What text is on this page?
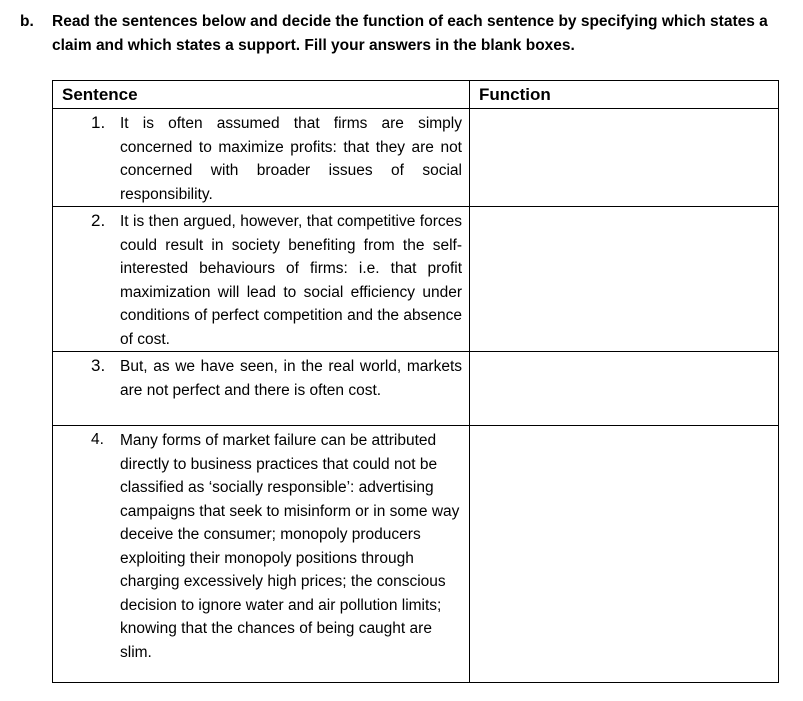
b. Read the sentences below and decide the function of each sentence by specifying which states a claim and which states a support. Fill your answers in the blank boxes.
Sentence	Function

1. It is often assumed that firms are simply concerned to maximize profits: that they are not concerned with broader issues of social responsibility.	

2. It is then argued, however, that competitive forces could result in society benefiting from the self-interested behaviours of firms: i.e. that profit maximization will lead to social efficiency under conditions of perfect competition and the absence of cost.	

3. But, as we have seen, in the real world, markets are not perfect and there is often cost.	

4. Many forms of market failure can be attributed directly to business practices that could not be classified as ‘socially responsible’: advertising campaigns that seek to misinform or in some way deceive the consumer; monopoly producers exploiting their monopoly positions through charging excessively high prices; the conscious decision to ignore water and air pollution limits; knowing that the chances of being caught are slim.	
